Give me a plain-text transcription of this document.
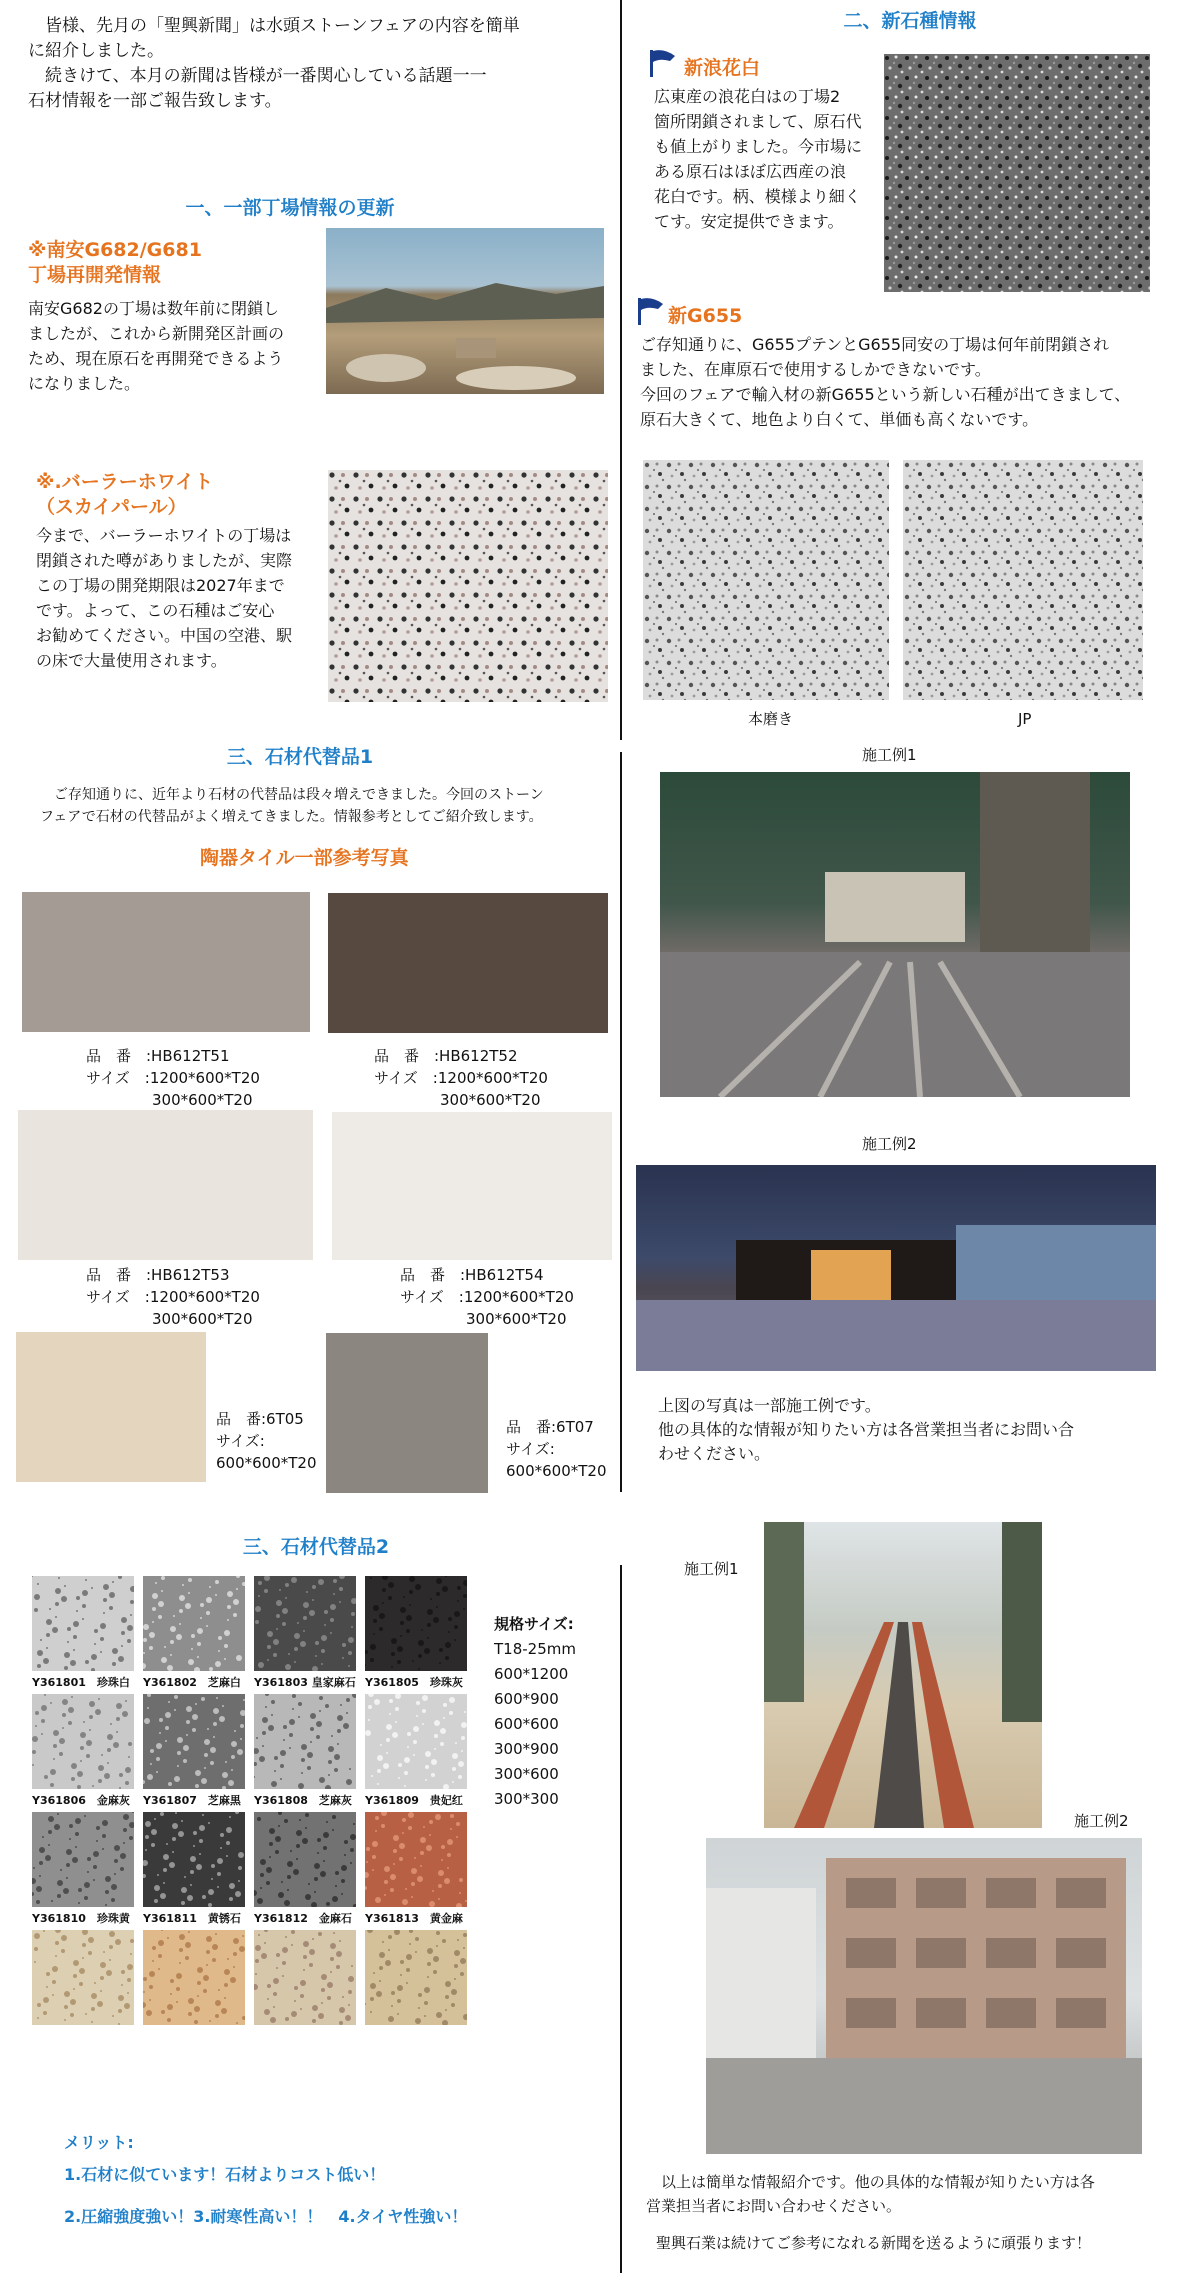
　皆様、先月の「聖興新聞」は水頭ストーンフェアの内容を簡単
に紹介しました。
　続きけて、本月の新聞は皆様が一番関心している話題一一
石材情報を一部ご報告致します。
一、一部丁場情報の更新
※南安G682/G681
丁場再開発情報
南安G682の丁場は数年前に閉鎖し
ましたが、これから新開発区計画の
ため、現在原石を再開発できるよう
になりました。
※.バーラーホワイト
（スカイパール）
今まで、バーラーホワイトの丁場は
閉鎖された噂がありましたが、実際
この丁場の開発期限は2027年まで
です。よって、この石種はご安心
お勧めてください。中国の空港、駅
の床で大量使用されます。
二、新石種情報
新浪花白
広東産の浪花白はの丁場2
箇所閉鎖されまして、原石代
も値上がりました。今市場に
ある原石はほぼ広西産の浪
花白です。柄、模様より細く
てす。安定提供できます。
新G655
ご存知通りに、G655プテンとG655同安の丁場は何年前閉鎖され
ました、在庫原石で使用するしかできないです。
今回のフェアで輸入材の新G655という新しい石種が出てきまして、
原石大きくて、地色より白くて、単価も高くないです。
本磨き	JP
三、石材代替品1
　ご存知通りに、近年より石材の代替品は段々増えできました。今回のストーン
フェアで石材の代替品がよく増えてきました。情報参考としてご紹介致します。
陶器タイル一部参考写真
品　番　:HB612T51
サイズ　:1200*600*T20
300*600*T20
品　番　:HB612T52
サイズ　:1200*600*T20
300*600*T20
品　番　:HB612T53
サイズ　:1200*600*T20
300*600*T20
品　番　:HB612T54
サイズ　:1200*600*T20
300*600*T20
品　番:6T05
サイズ:
600*600*T20
品　番:6T07
サイズ:
600*600*T20
施工例1
施工例2
上図の写真は一部施工例です。
他の具体的な情報が知りたい方は各営業担当者にお問い合
わせください。
三、石材代替品2
Y361801　珍珠白 Y361802　芝麻白 Y361803 皇家麻石 Y361805　珍珠灰
Y361806　金麻灰 Y361807　芝麻黒 Y361808　芝麻灰 Y361809　贵妃红
Y361810　珍珠黄 Y361811　黄锈石 Y361812　金麻石 Y361813　黄金麻
規格サイズ:
T18-25mm
600*1200
600*900
600*600
300*900
300*600
300*300
メリット:
1.石材に似ています！石材よりコスト低い！
2.圧縮強度強い！3.耐寒性高い！！　4.タイヤ性強い！
施工例1
施工例2
　以上は簡単な情報紹介です。他の具体的な情報が知りたい方は各
営業担当者にお問い合わせください。
聖興石業は続けてご参考になれる新聞を送るように頑張ります！
